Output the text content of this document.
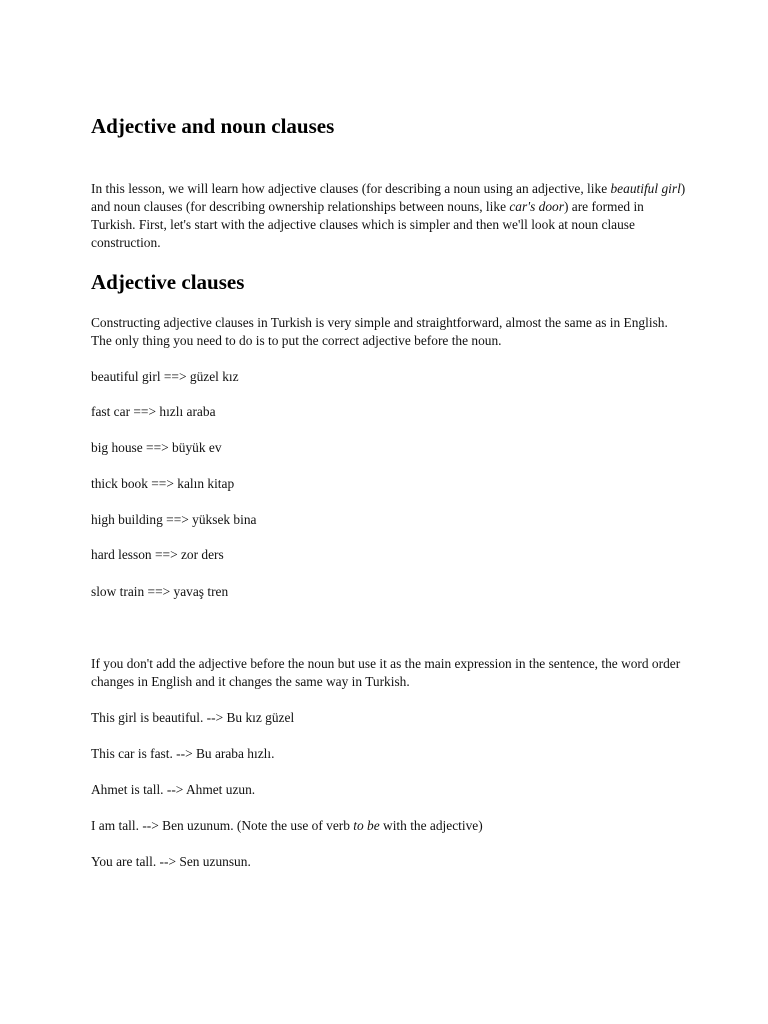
Adjective and noun clauses

In this lesson, we will learn how adjective clauses (for describing a noun using an adjective, like beautiful girl) and noun clauses (for describing ownership relationships between nouns, like car's door) are formed in Turkish. First, let's start with the adjective clauses which is simpler and then we'll look at noun clause construction.

Adjective clauses

Constructing adjective clauses in Turkish is very simple and straightforward, almost the same as in English. The only thing you need to do is to put the correct adjective before the noun.

beautiful girl ==> güzel kız

fast car ==> hızlı araba

big house ==> büyük ev

thick book ==> kalın kitap

high building ==> yüksek bina

hard lesson ==> zor ders

slow train ==> yavaş tren

If you don't add the adjective before the noun but use it as the main expression in the sentence, the word order changes in English and it changes the same way in Turkish.

This girl is beautiful. --> Bu kız güzel

This car is fast. --> Bu araba hızlı.

Ahmet is tall. --> Ahmet uzun.

I am tall. --> Ben uzunum. (Note the use of verb to be with the adjective)

You are tall. --> Sen uzunsun.
